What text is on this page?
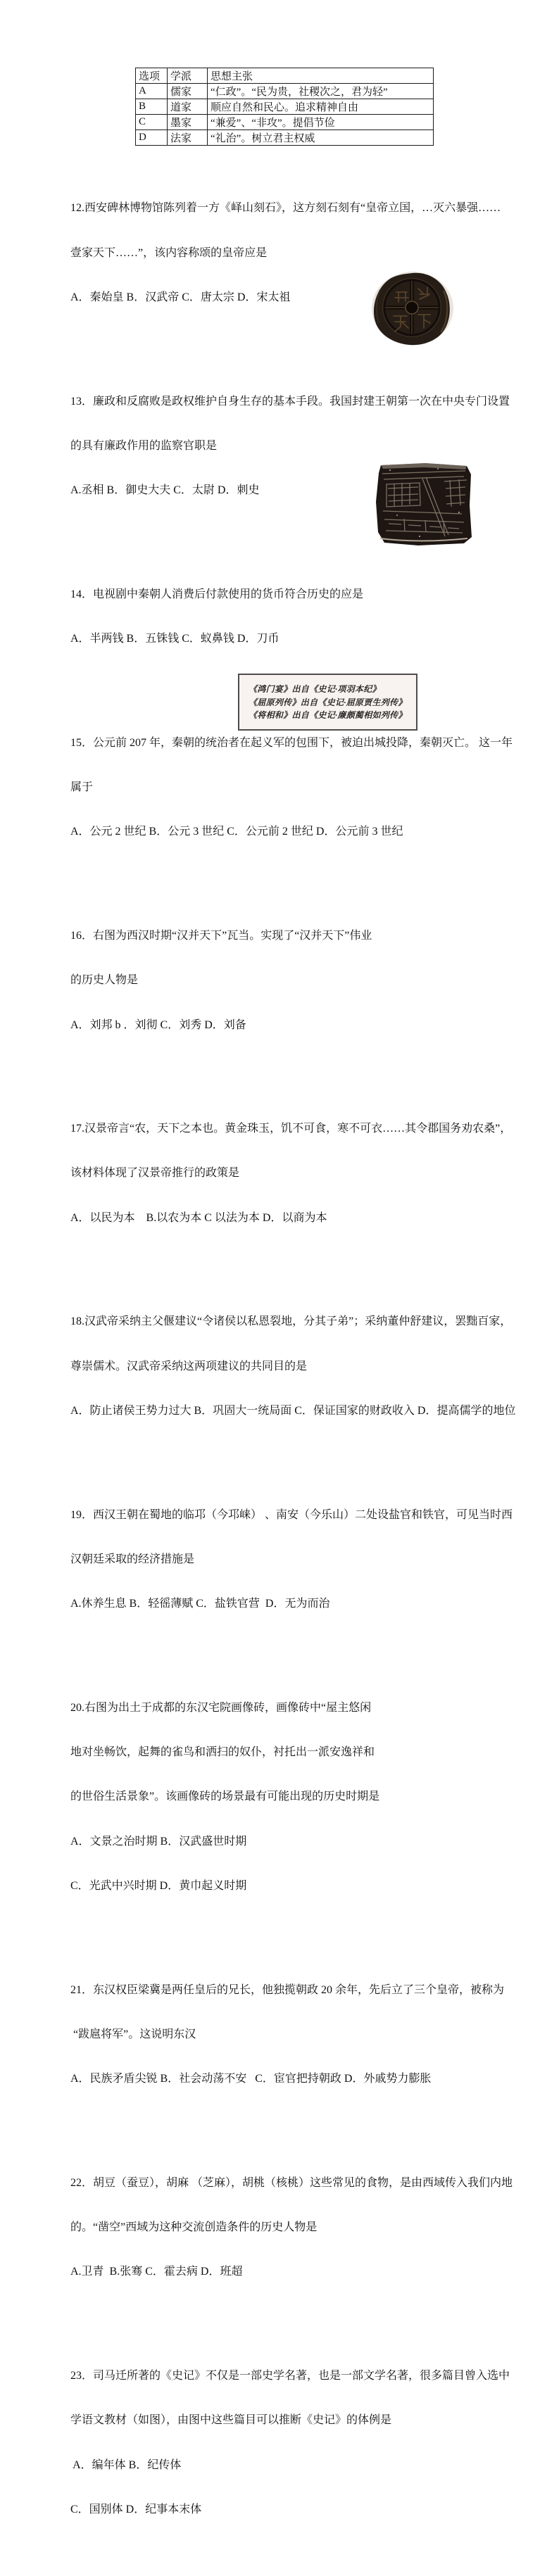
选项	学派	思想主张
A	儒家	“仁政”。“民为贵，社稷次之，君为轻”
B	道家	顺应自然和民心。追求精神自由
C	墨家	“兼爱”、“非攻”。提倡节俭
D	法家	“礼治”。树立君主权威

12.西安碑林博物馆陈列着一方《峄山刻石》，这方刻石刻有“皇帝立国，…灭六暴强……

壹家天下……”，该内容称颂的皇帝应是

A．秦始皇 B．汉武帝 C．唐太宗 D．宋太祖

13．廉政和反腐败是政权维护自身生存的基本手段。我国封建王朝第一次在中央专门设置

的具有廉政作用的监察官职是

A.丞相 B．御史大夫 C．太尉 D．刺史

14．电视剧中秦朝人消费后付款使用的货币符合历史的应是

A．半两钱 B．五铢钱 C．蚁鼻钱 D．刀币

15．公元前 207 年，秦朝的统治者在起义军的包围下，被迫出城投降，秦朝灭亡。 这一年

属于

A．公元 2 世纪 B．公元 3 世纪 C．公元前 2 世纪 D．公元前 3 世纪

16．右图为西汉时期“汉并天下”瓦当。实现了“汉并天下”伟业

的历史人物是

A．刘邦 b ．刘彻 C．刘秀 D．刘备

17.汉景帝言“农，天下之本也。黄金珠玉，饥不可食，寒不可衣……其令郡国务劝农桑”，

该材料体现了汉景帝推行的政策是

A．以民为本    B.以农为本 C 以法为本 D．以商为本

18.汉武帝采纳主父偃建议“令诸侯以私恩裂地，分其子弟”；采纳董仲舒建议，罢黜百家，

尊崇儒术。汉武帝采纳这两项建议的共同目的是

A．防止诸侯王势力过大 B．巩固大一统局面 C．保证国家的财政收入 D．提高儒学的地位

19．西汉王朝在蜀地的临邛（今邛崃） 、南安（今乐山）二处设盐官和铁官，可见当时西

汉朝廷采取的经济措施是

A.休养生息 B．轻徭薄赋 C．盐铁官营  D．无为而治

20.右图为出土于成都的东汉宅院画像砖，画像砖中“屋主悠闲

地对坐畅饮，起舞的雀鸟和洒扫的奴仆，衬托出一派安逸祥和

的世俗生活景象”。该画像砖的场景最有可能出现的历史时期是

A．文景之治时期 B．汉武盛世时期

C．光武中兴时期 D．黄巾起义时期

21．东汉权臣梁冀是两任皇后的兄长，他独揽朝政 20 余年，先后立了三个皇帝，被称为

“跋扈将军”。这说明东汉

A．民族矛盾尖锐 B．社会动荡不安   C．宦官把持朝政 D．外戚势力膨胀

22．胡豆（蚕豆），胡麻 （芝麻），胡桃（核桃）这些常见的食物，是由西域传入我们内地

的。“凿空”西域为这种交流创造条件的历史人物是

A.卫青  B.张骞 C．霍去病 D．班超

23．司马迁所著的《史记》不仅是一部史学名著，也是一部文学名著，很多篇目曾入选中

学语文教材（如图），由图中这些篇目可以推断《史记》的体例是

A．编年体 B．纪传体

C．国别体 D．纪事本末体

《鸿门宴》出自《史记·项羽本纪》
《屈原列传》出自《史记·屈原贾生列传》
《将相和》出自《史记·廉颇蔺相如列传》
